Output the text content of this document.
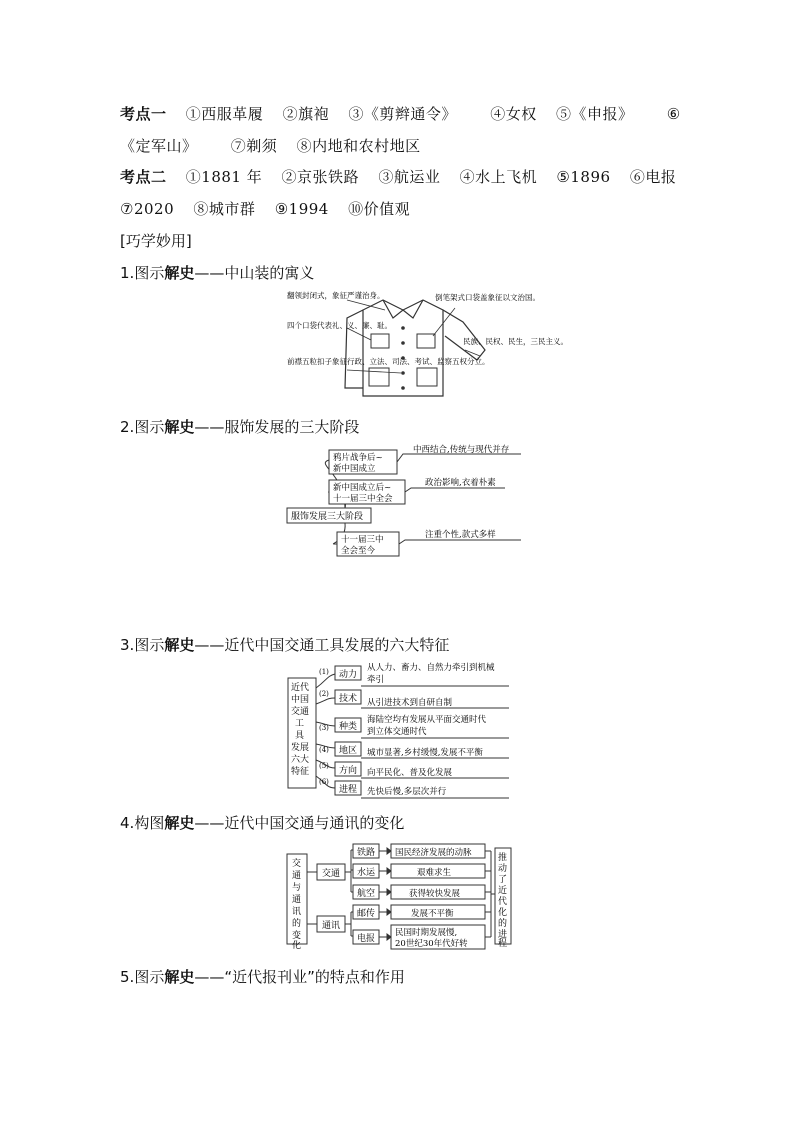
考点一 ①西服革履 ②旗袍 ③《剪辫通令》 ④女权 ⑤《申报》 ⑥
《定军山》 ⑦剃须 ⑧内地和农村地区
考点二 ①1881 年 ②京张铁路 ③航运业 ④水上飞机 ⑤1896 ⑥电报
⑦2020 ⑧城市群 ⑨1994 ⑩价值观
[巧学妙用]
1.图示解史——中山装的寓义
翻领封闭式，象征严谨治身。
四个口袋代表礼、义、廉、耻。
前襟五粒扣子象征行政、立法、司法、考试、监察五权分立。
倒笔架式口袋盖象征以文治国。
民族、民权、民生，三民主义。
2.图示解史——服饰发展的三大阶段
服饰发展三大阶段
鸦片战争后~
新中国成立
新中国成立后~
十一届三中全会
十一届三中
全会至今
中西结合,传统与现代并存
政治影响,衣着朴素
注重个性,款式多样
3.图示解史——近代中国交通工具发展的六大特征
近代
中国
交通
工
具
发展
六大
特征
(1) 动力
从人力、畜力、自然力牵引到机械
牵引
(2) 技术 从引进技术到自研自制
(3) 种类
海陆空均有发展从平面交通时代
到立体交通时代
(4) 地区 城市显著,乡村缓慢,发展不平衡
(5) 方向 向平民化、普及化发展
(6)
进程 先快后慢,多层次并行
4.构图解史——近代中国交通与通讯的变化
交
通
与
通
讯
的
变
化
交通
通讯
铁路
水运
航空
邮传
电报
国民经济发展的动脉
艰难求生
获得较快发展
发展不平衡
民国时期发展慢,
20世纪30年代好转
推
动
了
近
代
化
的
进
程
5.图示解史——“近代报刊业”的特点和作用
